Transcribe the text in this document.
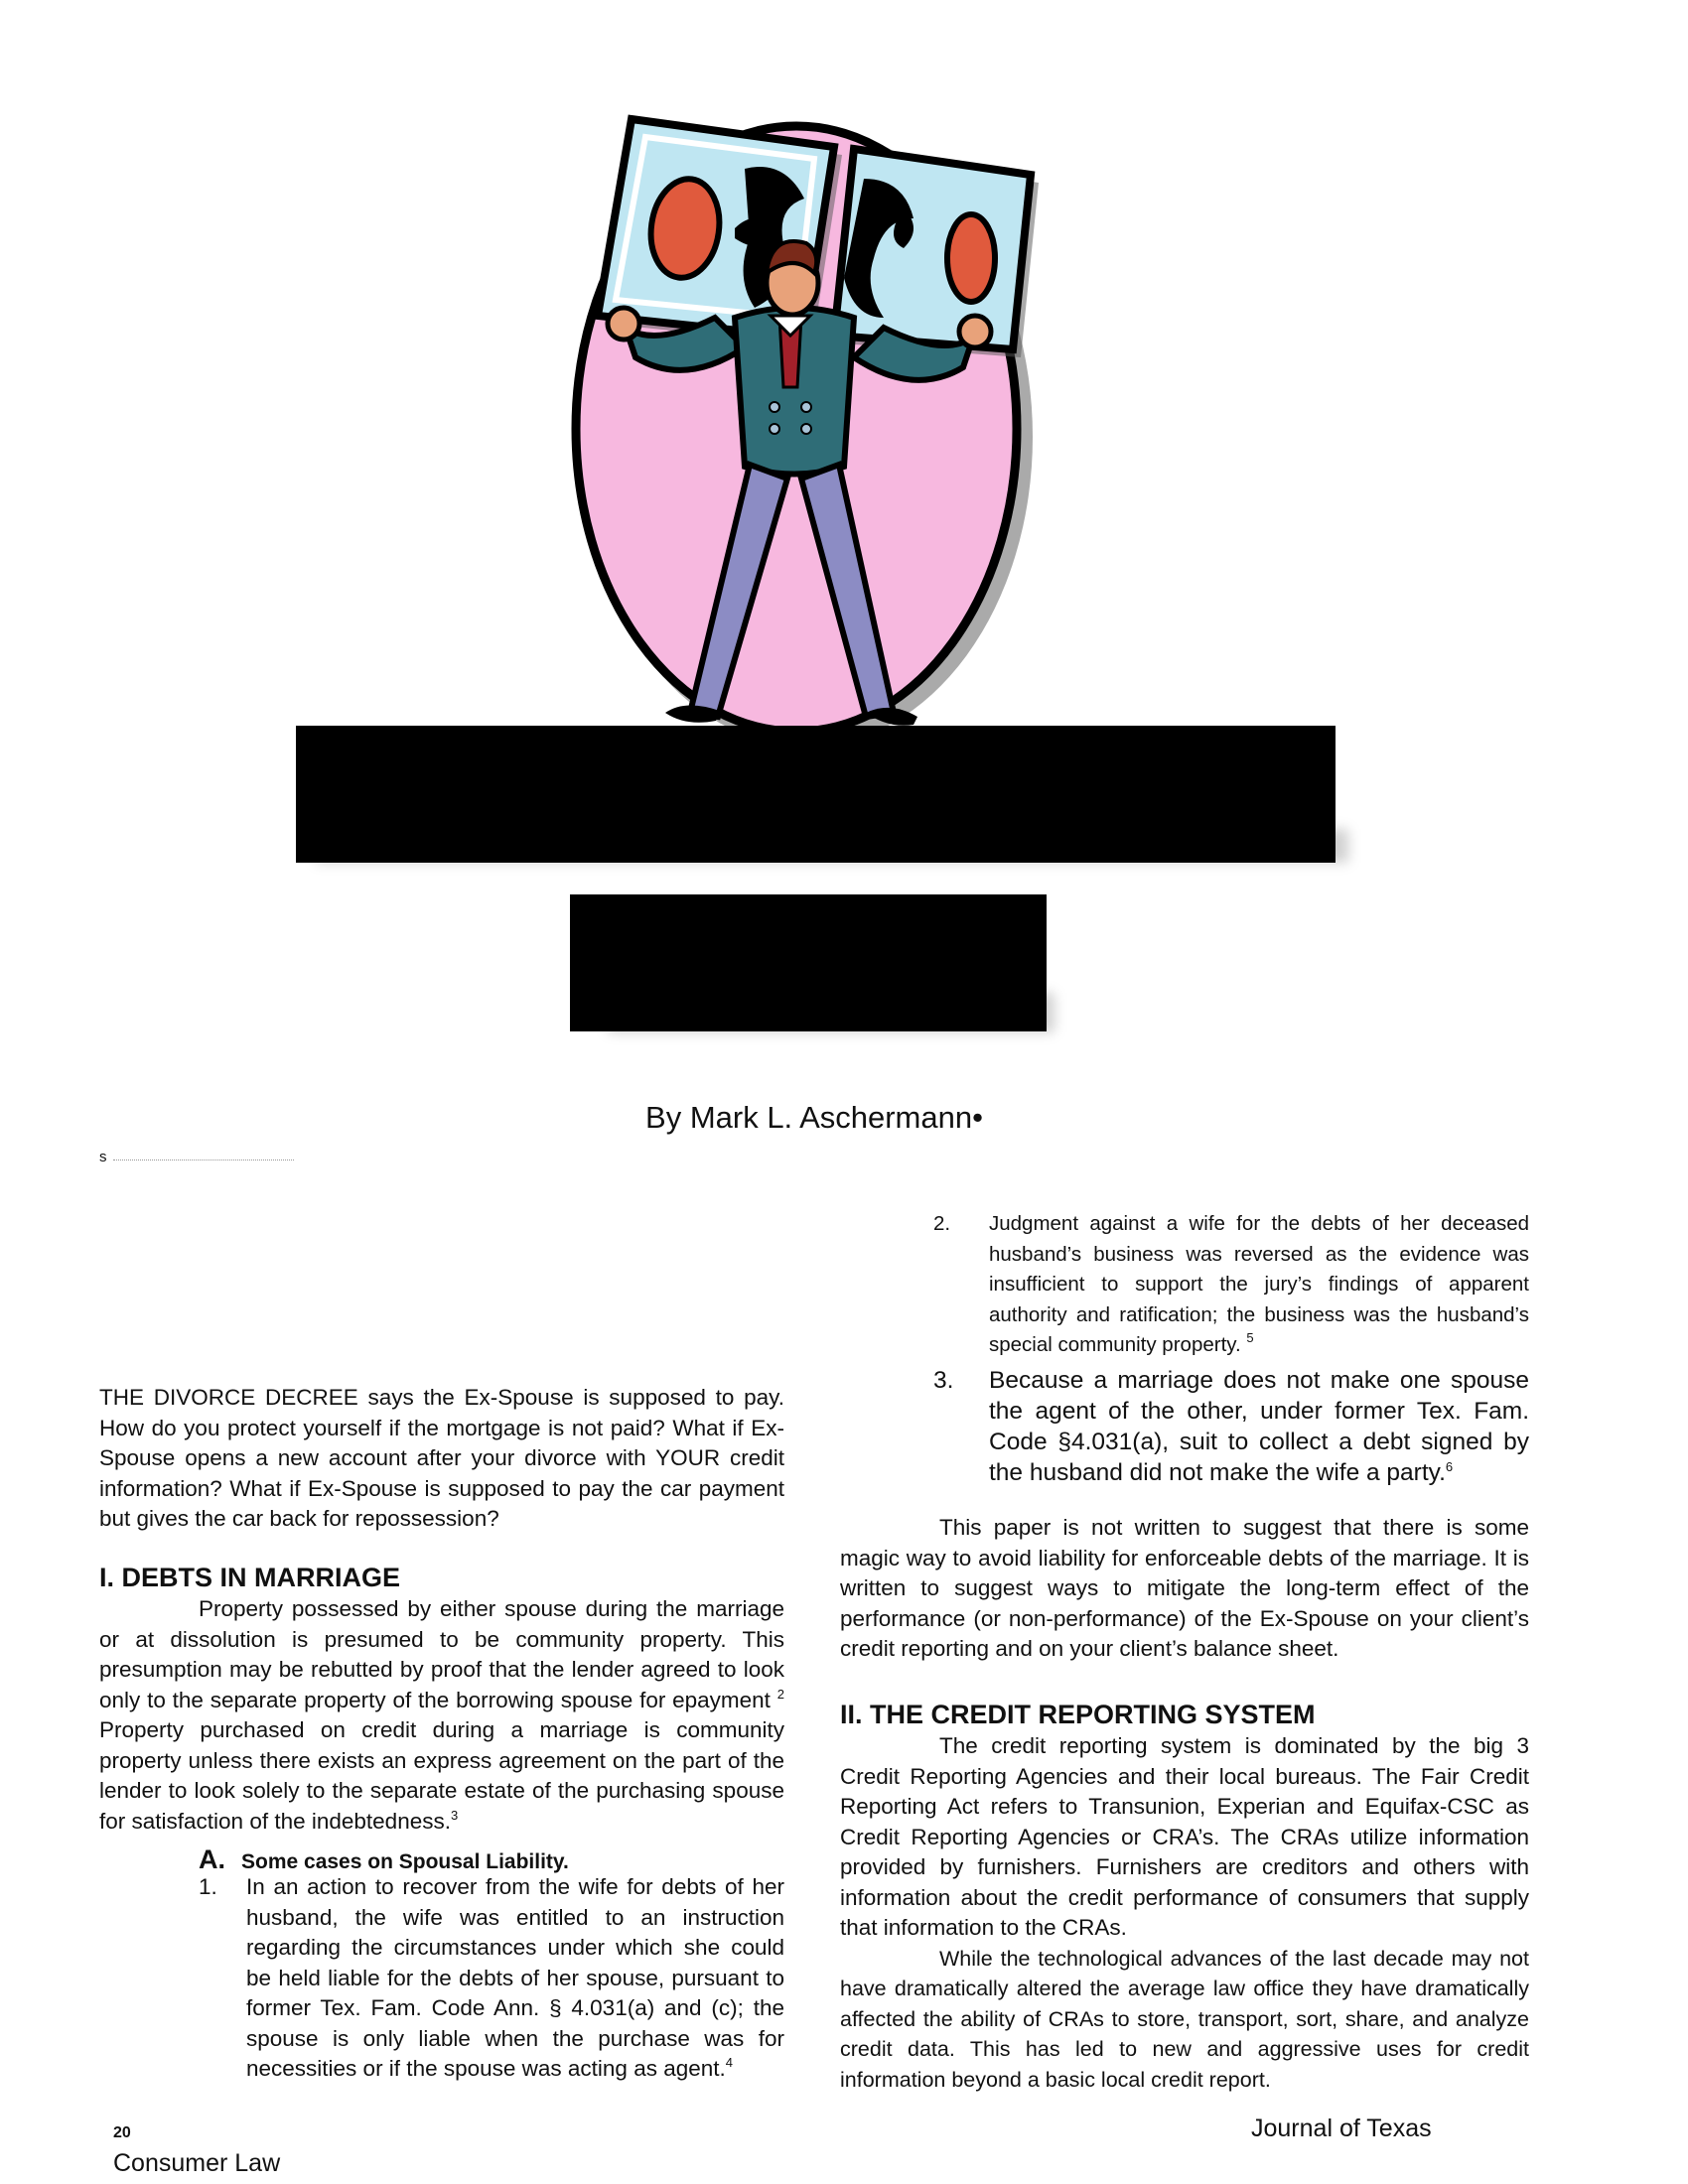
By Mark L. Aschermann•
s

THE DIVORCE DECREE says the Ex-Spouse is supposed to pay. How do you protect yourself if the mortgage is not paid? What if Ex-Spouse opens a new account after your divorce with YOUR credit information? What if Ex-Spouse is supposed to pay the car payment but gives the car back for repossession?

I. DEBTS IN MARRIAGE

Property possessed by either spouse during the marriage or at dissolution is presumed to be community property. This presumption may be rebutted by proof that the lender agreed to look only to the separate property of the borrowing spouse for epayment $^2$ Property purchased on credit during a marriage is community property unless there exists an express agreement on the part of the lender to look solely to the separate estate of the purchasing spouse for satisfaction of the indebtedness.$^3$

A. Some cases on Spousal Liability.
1. In an action to recover from the wife for debts of her husband, the wife was entitled to an instruction regarding the circumstances under which she could be held liable for the debts of her spouse, pursuant to former Tex. Fam. Code Ann. § 4.031(a) and (c); the spouse is only liable when the purchase was for necessities or if the spouse was acting as agent.$^4$
2. Judgment against a wife for the debts of her deceased husband’s business was reversed as the evidence was insufficient to support the jury’s findings of apparent authority and ratification; the business was the husband’s special community property. $^5$
3. Because a marriage does not make one spouse the agent of the other, under former Tex. Fam. Code §4.031(a), suit to collect a debt signed by the husband did not make the wife a party.$^6$

This paper is not written to suggest that there is some magic way to avoid liability for enforceable debts of the marriage. It is written to suggest ways to mitigate the long-term effect of the performance (or non-performance) of the Ex-Spouse on your client’s credit reporting and on your client’s balance sheet.

II. THE CREDIT REPORTING SYSTEM

The credit reporting system is dominated by the big 3 Credit Reporting Agencies and their local bureaus. The Fair Credit Reporting Act refers to Transunion, Experian and Equifax-CSC as Credit Reporting Agencies or CRA’s. The CRAs utilize information provided by furnishers. Furnishers are creditors and others with information about the credit performance of consumers that supply that information to the CRAs.

While the technological advances of the last decade may not have dramatically altered the average law office they have dramatically affected the ability of CRAs to store, transport, sort, share, and analyze credit data. This has led to new and aggressive uses for credit information beyond a basic local credit report.

20
Consumer Law
Journal of Texas
